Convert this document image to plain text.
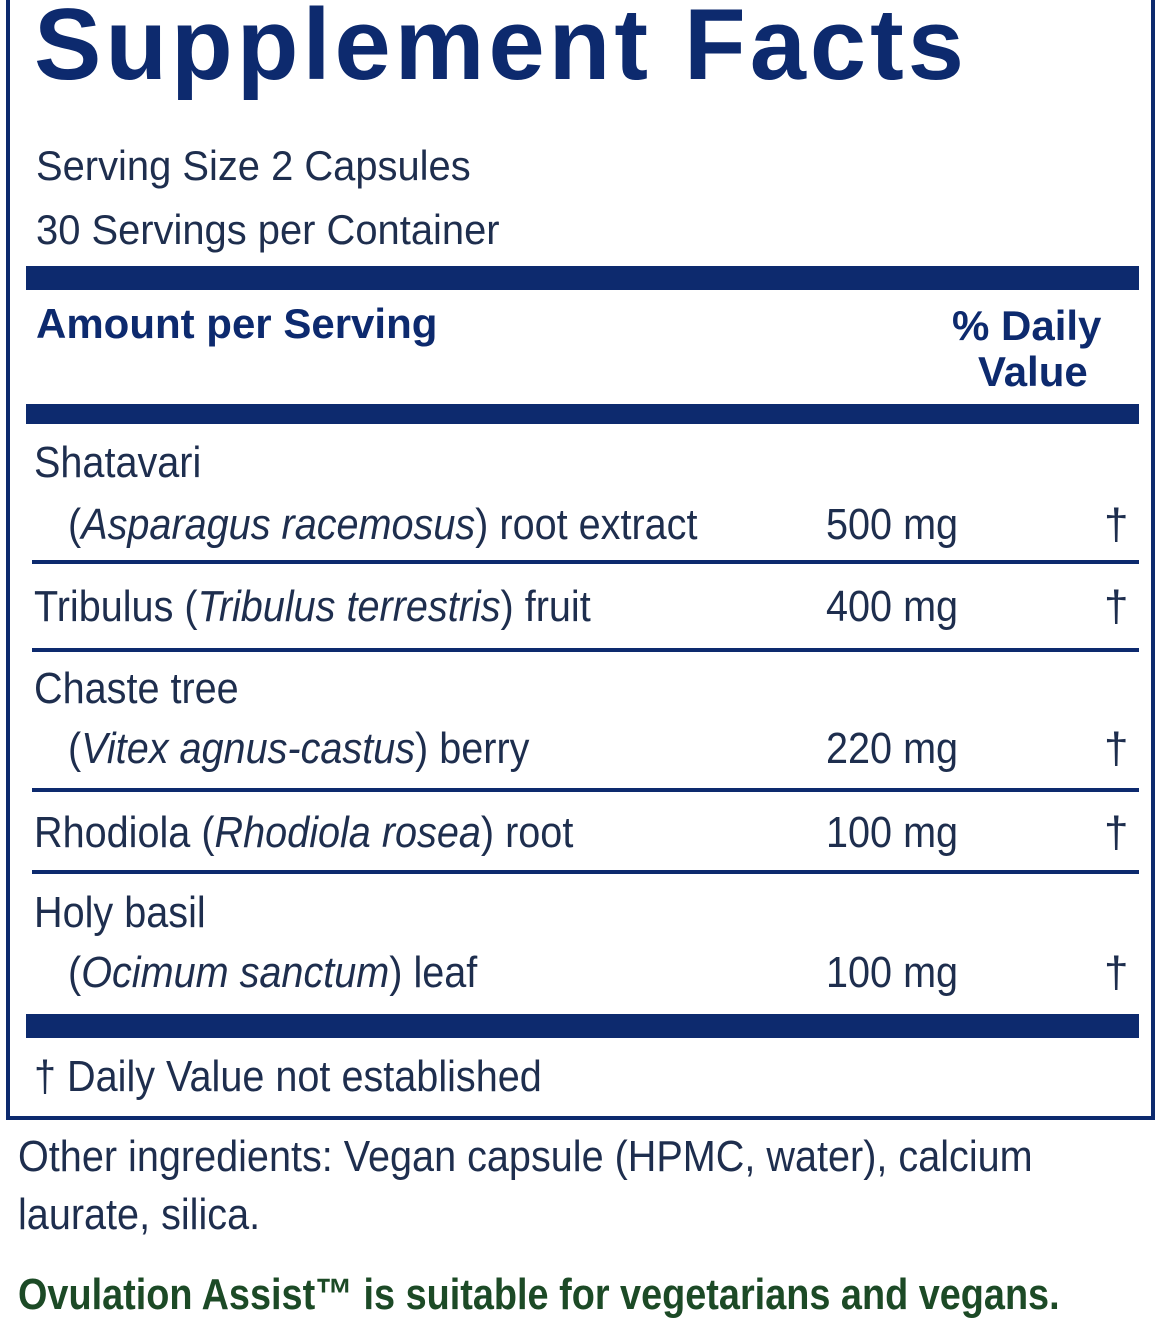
Supplement Facts
Serving Size 2 Capsules
30 Servings per Container
Amount per Serving	% Daily
Value
Shatavari
(Asparagus racemosus) root extract	500 mg	†
Tribulus (Tribulus terrestris) fruit	400 mg	†
Chaste tree
(Vitex agnus-castus) berry	220 mg	†
Rhodiola (Rhodiola rosea) root	100 mg	†
Holy basil
(Ocimum sanctum) leaf	100 mg	†
† Daily Value not established
Other ingredients: Vegan capsule (HPMC, water), calcium laurate, silica.
Ovulation Assist™ is suitable for vegetarians and vegans.
